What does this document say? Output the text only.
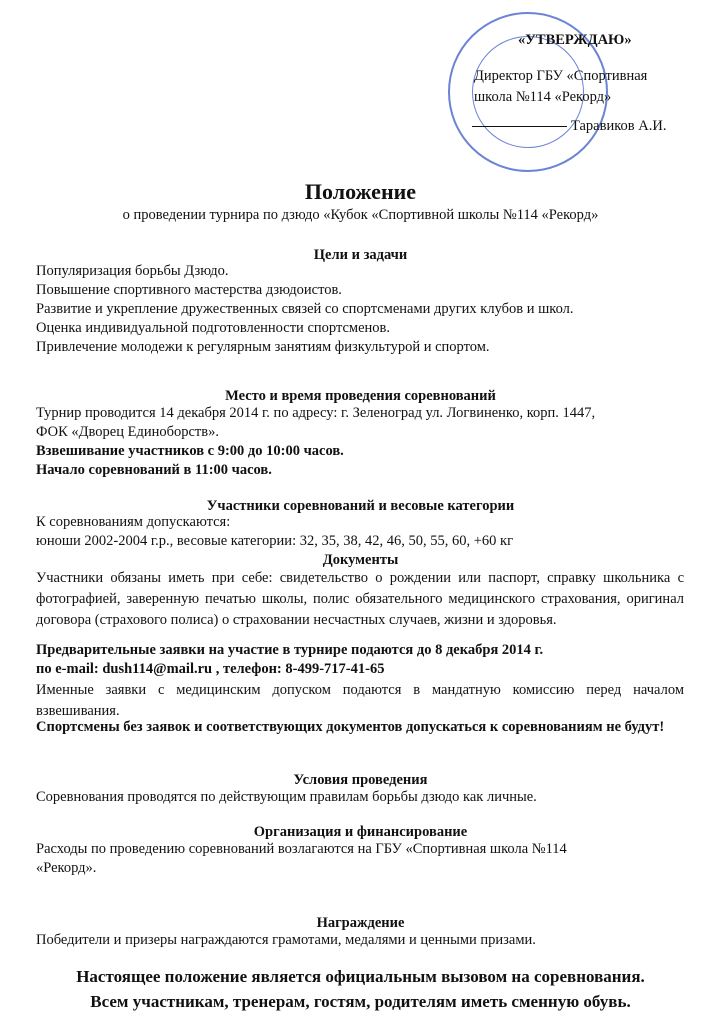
«УТВЕРЖДАЮ»
Директор ГБУ «Спортивная
школа №114 «Рекорд»
Таравиков А.И.
Положение
о проведении турнира по дзюдо «Кубок «Спортивной школы №114 «Рекорд»
Цели и задачи
Популяризация борьбы Дзюдо.
Повышение спортивного мастерства дзюдоистов.
Развитие и укрепление дружественных связей со спортсменами других клубов и школ.
Оценка индивидуальной подготовленности спортсменов.
Привлечение молодежи к регулярным занятиям физкультурой и спортом.
Место и время проведения соревнований
Турнир проводится 14 декабря 2014 г. по адресу: г. Зеленоград ул. Логвиненко, корп. 1447,
ФОК «Дворец Единоборств».
Взвешивание участников с 9:00 до 10:00 часов.
Начало соревнований в 11:00 часов.
Участники соревнований и весовые категории
К соревнованиям допускаются:
юноши 2002-2004 г.р., весовые категории: 32, 35, 38, 42, 46, 50, 55, 60, +60 кг
Документы
Участники обязаны иметь при себе: свидетельство о рождении или паспорт, справку школьника с фотографией, заверенную печатью школы, полис обязательного медицинского страхования, оригинал договора (страхового полиса) о страховании несчастных случаев, жизни и здоровья.
Предварительные заявки на участие в турнире подаются до 8 декабря 2014 г.
по e-mail: dush114@mail.ru , телефон: 8-499-717-41-65
Именные заявки с медицинским допуском подаются в мандатную комиссию перед началом взвешивания.
Спортсмены без заявок и соответствующих документов допускаться к соревнованиям не будут!
Условия проведения
Соревнования проводятся по действующим правилам борьбы дзюдо как личные.
Организация и финансирование
Расходы по проведению соревнований возлагаются на ГБУ «Спортивная школа №114
«Рекорд».
Награждение
Победители и призеры награждаются грамотами, медалями и ценными призами.
Настоящее положение является официальным вызовом на соревнования.
Всем участникам, тренерам, гостям, родителям иметь сменную обувь.
